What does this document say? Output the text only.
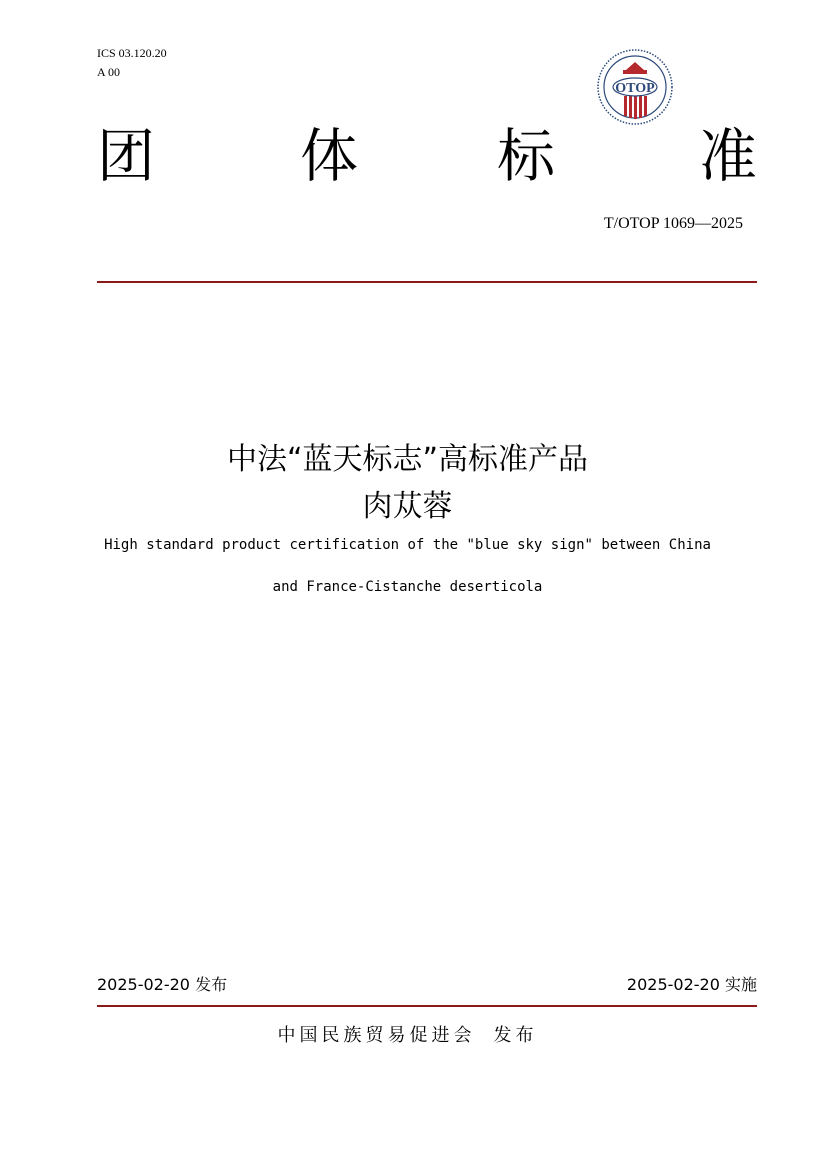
ICS 03.120.20
A 00
OTOP
团 体 标 准
T/OTOP 1069—2025
中法“蓝天标志”高标准产品
肉苁蓉
High standard product certification of the "blue sky sign" between China
and France-Cistanche deserticola
2025-02-20 发布	2025-02-20 实施
中国民族贸易促进会 发布
